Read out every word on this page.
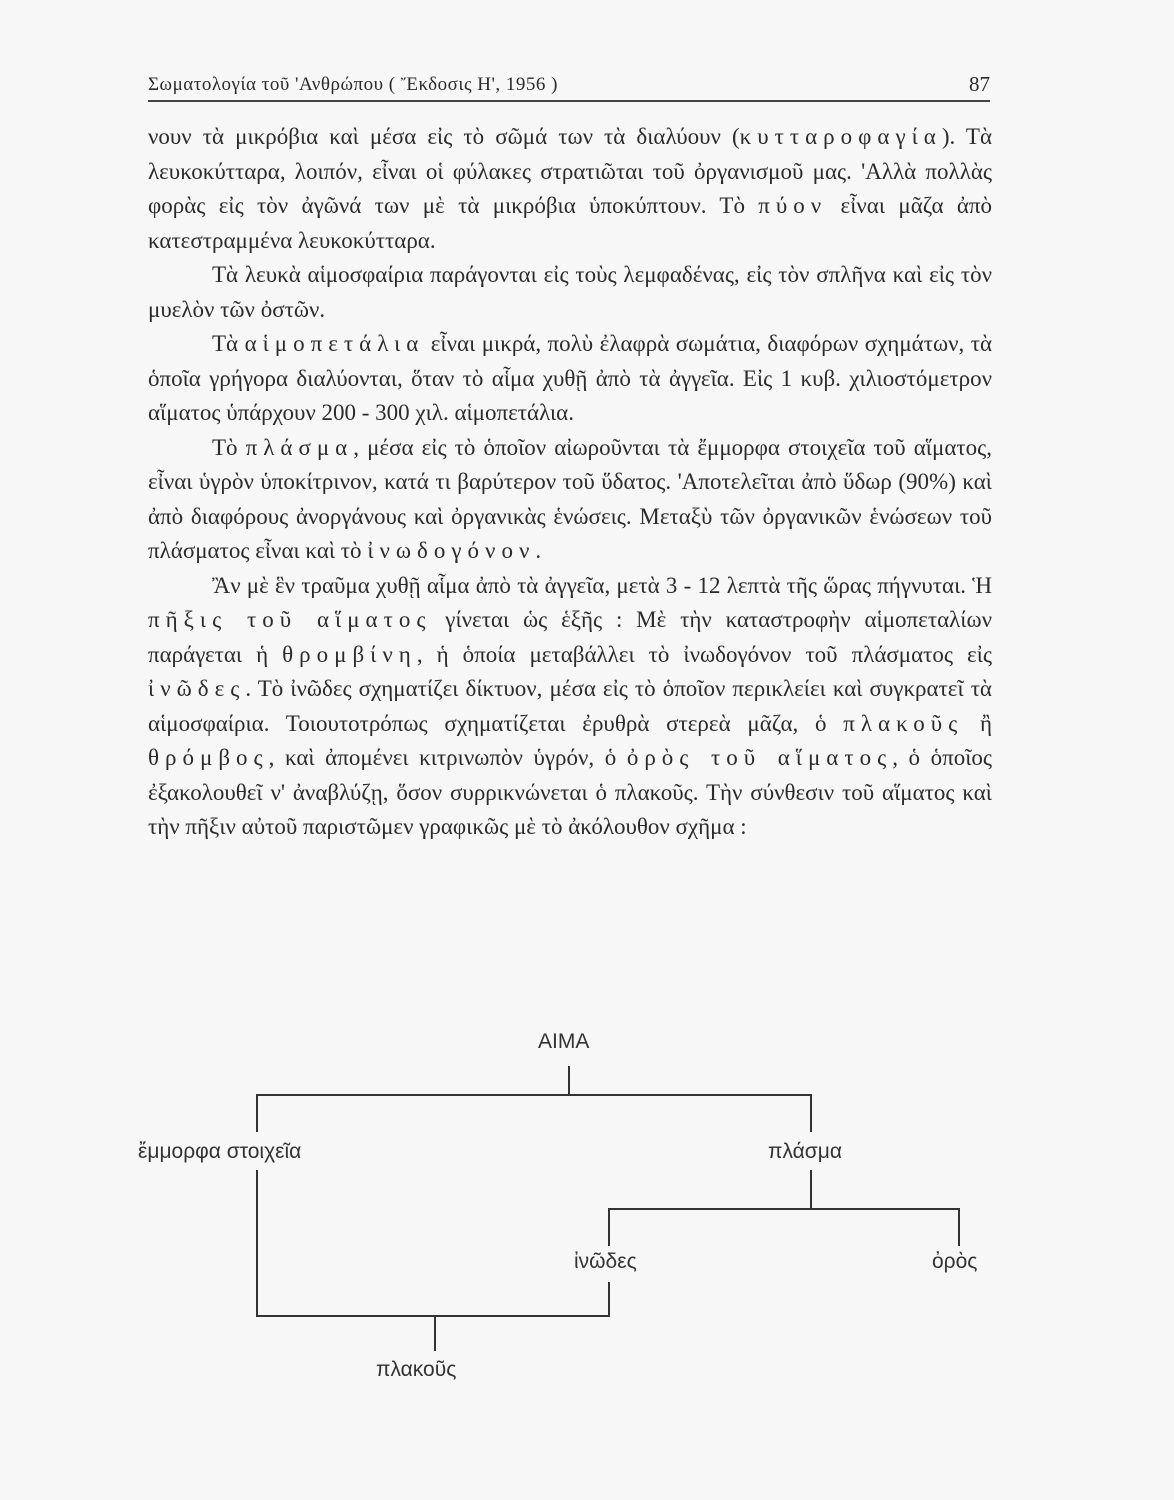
Σωματολογία τοῦ 'Ανθρώπου ( Ἔκδοσις Η', 1956 )	87

νουν τὰ μικρόβια καὶ μέσα εἰς τὸ σῶμά των τὰ διαλύουν (κυτταροφαγία). Τὰ λευκοκύτταρα, λοιπόν, εἶναι οἱ φύλακες στρατιῶται τοῦ ὀργανισμοῦ μας. 'Αλλὰ πολλὰς φορὰς εἰς τὸν ἀγῶνά των μὲ τὰ μικρόβια ὑποκύπτουν. Τὸ πύον εἶναι μᾶζα ἀπὸ κατεστραμμένα λευκοκύτταρα.

Τὰ λευκὰ αἱμοσφαίρια παράγονται εἰς τοὺς λεμφαδένας, εἰς τὸν σπλῆνα καὶ εἰς τὸν μυελὸν τῶν ὀστῶν.

Τὰ αἱμοπετάλια εἶναι μικρά, πολὺ ἐλαφρὰ σωμάτια, διαφόρων σχημάτων, τὰ ὁποῖα γρήγορα διαλύονται, ὅταν τὸ αἷμα χυθῇ ἀπὸ τὰ ἀγγεῖα. Εἰς 1 κυβ. χιλιοστόμετρον αἵματος ὑπάρχουν 200 - 300 χιλ. αἱμοπετάλια.

Τὸ πλάσμα, μέσα εἰς τὸ ὁποῖον αἰωροῦνται τὰ ἔμμορφα στοιχεῖα τοῦ αἵματος, εἶναι ὑγρὸν ὑποκίτρινον, κατά τι βαρύτερον τοῦ ὕδατος. 'Αποτελεῖται ἀπὸ ὕδωρ (90%) καὶ ἀπὸ διαφόρους ἀνοργάνους καὶ ὀργανικὰς ἑνώσεις. Μεταξὺ τῶν ὀργανικῶν ἑνώσεων τοῦ πλάσματος εἶναι καὶ τὸ ἰνωδογόνον.

Ἂν μὲ ἓν τραῦμα χυθῇ αἷμα ἀπὸ τὰ ἀγγεῖα, μετὰ 3 - 12 λεπτὰ τῆς ὥρας πήγνυται. Ἡ πῆξις τοῦ αἵματος γίνεται ὡς ἑξῆς : Μὲ τὴν καταστροφὴν αἱμοπεταλίων παράγεται ἡ θρομβίνη, ἡ ὁποία μεταβάλλει τὸ ἰνωδογόνον τοῦ πλάσματος εἰς ἰνῶδες. Τὸ ἰνῶδες σχηματίζει δίκτυον, μέσα εἰς τὸ ὁποῖον περικλείει καὶ συγκρατεῖ τὰ αἱμοσφαίρια. Τοιουτοτρόπως σχηματίζεται ἐρυθρὰ στερεὰ μᾶζα, ὁ πλακοῦς ἢ θρόμβος, καὶ ἀπομένει κιτρινωπὸν ὑγρόν, ὁ ὀρὸς τοῦ αἵματος, ὁ ὁποῖος ἐξακολουθεῖ ν' ἀναβλύζῃ, ὅσον συρρικνώνεται ὁ πλακοῦς. Τὴν σύνθεσιν τοῦ αἵματος καὶ τὴν πῆξιν αὐτοῦ παριστῶμεν γραφικῶς μὲ τὸ ἀκόλουθον σχῆμα :

ΑΙΜΑ
ἔμμορφα στοιχεῖα	πλάσμα
ἰνῶδες	ὀρὸς
πλακοῦς
